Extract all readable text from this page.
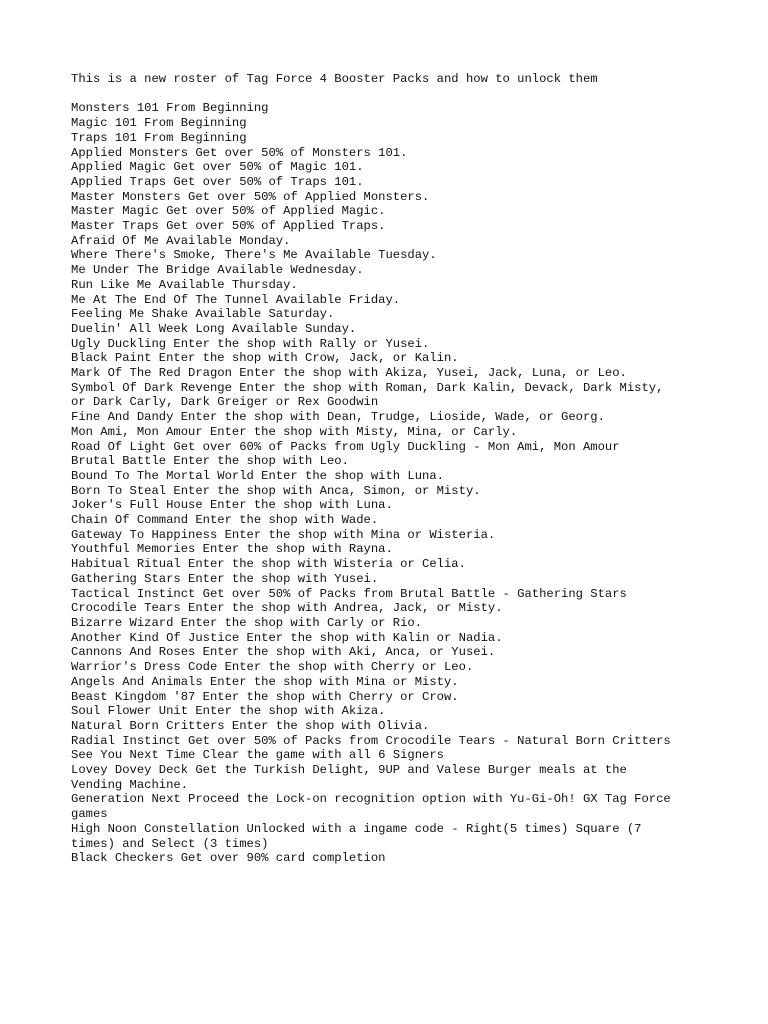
This is a new roster of Tag Force 4 Booster Packs and how to unlock them
Monsters 101 From Beginning
Magic 101 From Beginning
Traps 101 From Beginning
Applied Monsters Get over 50% of Monsters 101.
Applied Magic Get over 50% of Magic 101.
Applied Traps Get over 50% of Traps 101.
Master Monsters Get over 50% of Applied Monsters.
Master Magic Get over 50% of Applied Magic.
Master Traps Get over 50% of Applied Traps.
Afraid Of Me Available Monday.
Where There's Smoke, There's Me Available Tuesday.
Me Under The Bridge Available Wednesday.
Run Like Me Available Thursday.
Me At The End Of The Tunnel Available Friday.
Feeling Me Shake Available Saturday.
Duelin' All Week Long Available Sunday.
Ugly Duckling Enter the shop with Rally or Yusei.
Black Paint Enter the shop with Crow, Jack, or Kalin.
Mark Of The Red Dragon Enter the shop with Akiza, Yusei, Jack, Luna, or Leo.
Symbol Of Dark Revenge Enter the shop with Roman, Dark Kalin, Devack, Dark Misty,
or Dark Carly, Dark Greiger or Rex Goodwin
Fine And Dandy Enter the shop with Dean, Trudge, Lioside, Wade, or Georg.
Mon Ami, Mon Amour Enter the shop with Misty, Mina, or Carly.
Road Of Light Get over 60% of Packs from Ugly Duckling - Mon Ami, Mon Amour
Brutal Battle Enter the shop with Leo.
Bound To The Mortal World Enter the shop with Luna.
Born To Steal Enter the shop with Anca, Simon, or Misty.
Joker's Full House Enter the shop with Luna.
Chain Of Command Enter the shop with Wade.
Gateway To Happiness Enter the shop with Mina or Wisteria.
Youthful Memories Enter the shop with Rayna.
Habitual Ritual Enter the shop with Wisteria or Celia.
Gathering Stars Enter the shop with Yusei.
Tactical Instinct Get over 50% of Packs from Brutal Battle - Gathering Stars
Crocodile Tears Enter the shop with Andrea, Jack, or Misty.
Bizarre Wizard Enter the shop with Carly or Rio.
Another Kind Of Justice Enter the shop with Kalin or Nadia.
Cannons And Roses Enter the shop with Aki, Anca, or Yusei.
Warrior's Dress Code Enter the shop with Cherry or Leo.
Angels And Animals Enter the shop with Mina or Misty.
Beast Kingdom '87 Enter the shop with Cherry or Crow.
Soul Flower Unit Enter the shop with Akiza.
Natural Born Critters Enter the shop with Olivia.
Radial Instinct Get over 50% of Packs from Crocodile Tears - Natural Born Critters
See You Next Time Clear the game with all 6 Signers
Lovey Dovey Deck Get the Turkish Delight, 9UP and Valese Burger meals at the
Vending Machine.
Generation Next Proceed the Lock-on recognition option with Yu-Gi-Oh! GX Tag Force
games
High Noon Constellation Unlocked with a ingame code - Right(5 times) Square (7
times) and Select (3 times)
Black Checkers Get over 90% card completion
